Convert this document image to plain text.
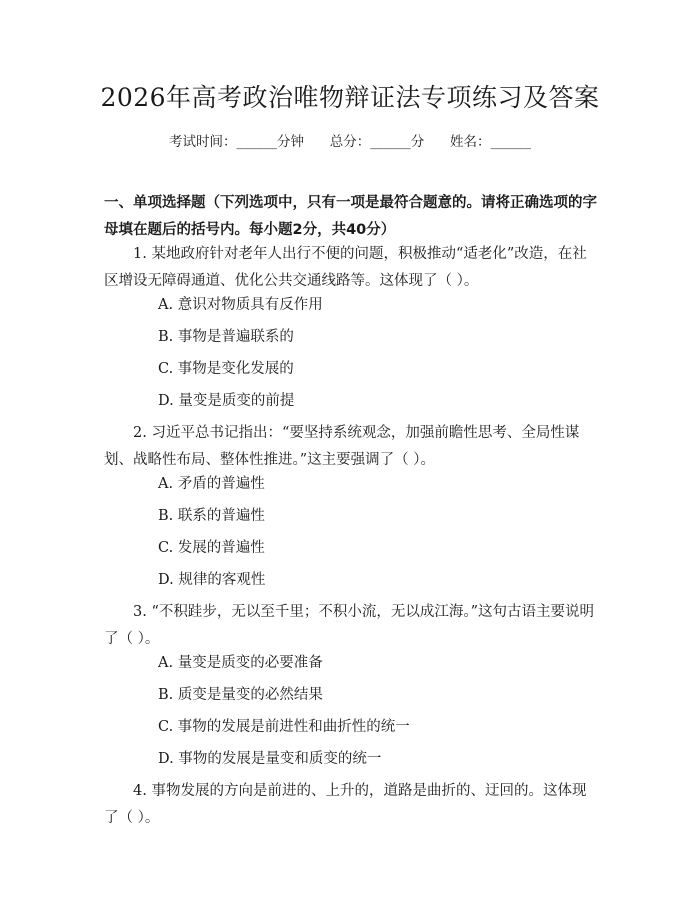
2026年高考政治唯物辩证法专项练习及答案
考试时间：______分钟      总分：______分      姓名：______
一、单项选择题（下列选项中，只有一项是最符合题意的。请将正确选项的字母填在题后的括号内。每小题2分，共40分）
1. 某地政府针对老年人出行不便的问题，积极推动“适老化”改造，在社区增设无障碍通道、优化公共交通线路等。这体现了（ ）。
A. 意识对物质具有反作用
B. 事物是普遍联系的
C. 事物是变化发展的
D. 量变是质变的前提
2. 习近平总书记指出：“要坚持系统观念，加强前瞻性思考、全局性谋划、战略性布局、整体性推进。”这主要强调了（ ）。
A. 矛盾的普遍性
B. 联系的普遍性
C. 发展的普遍性
D. 规律的客观性
3. “不积跬步，无以至千里；不积小流，无以成江海。”这句古语主要说明了（ ）。
A. 量变是质变的必要准备
B. 质变是量变的必然结果
C. 事物的发展是前进性和曲折性的统一
D. 事物的发展是量变和质变的统一
4. 事物发展的方向是前进的、上升的，道路是曲折的、迂回的。这体现了（ ）。
